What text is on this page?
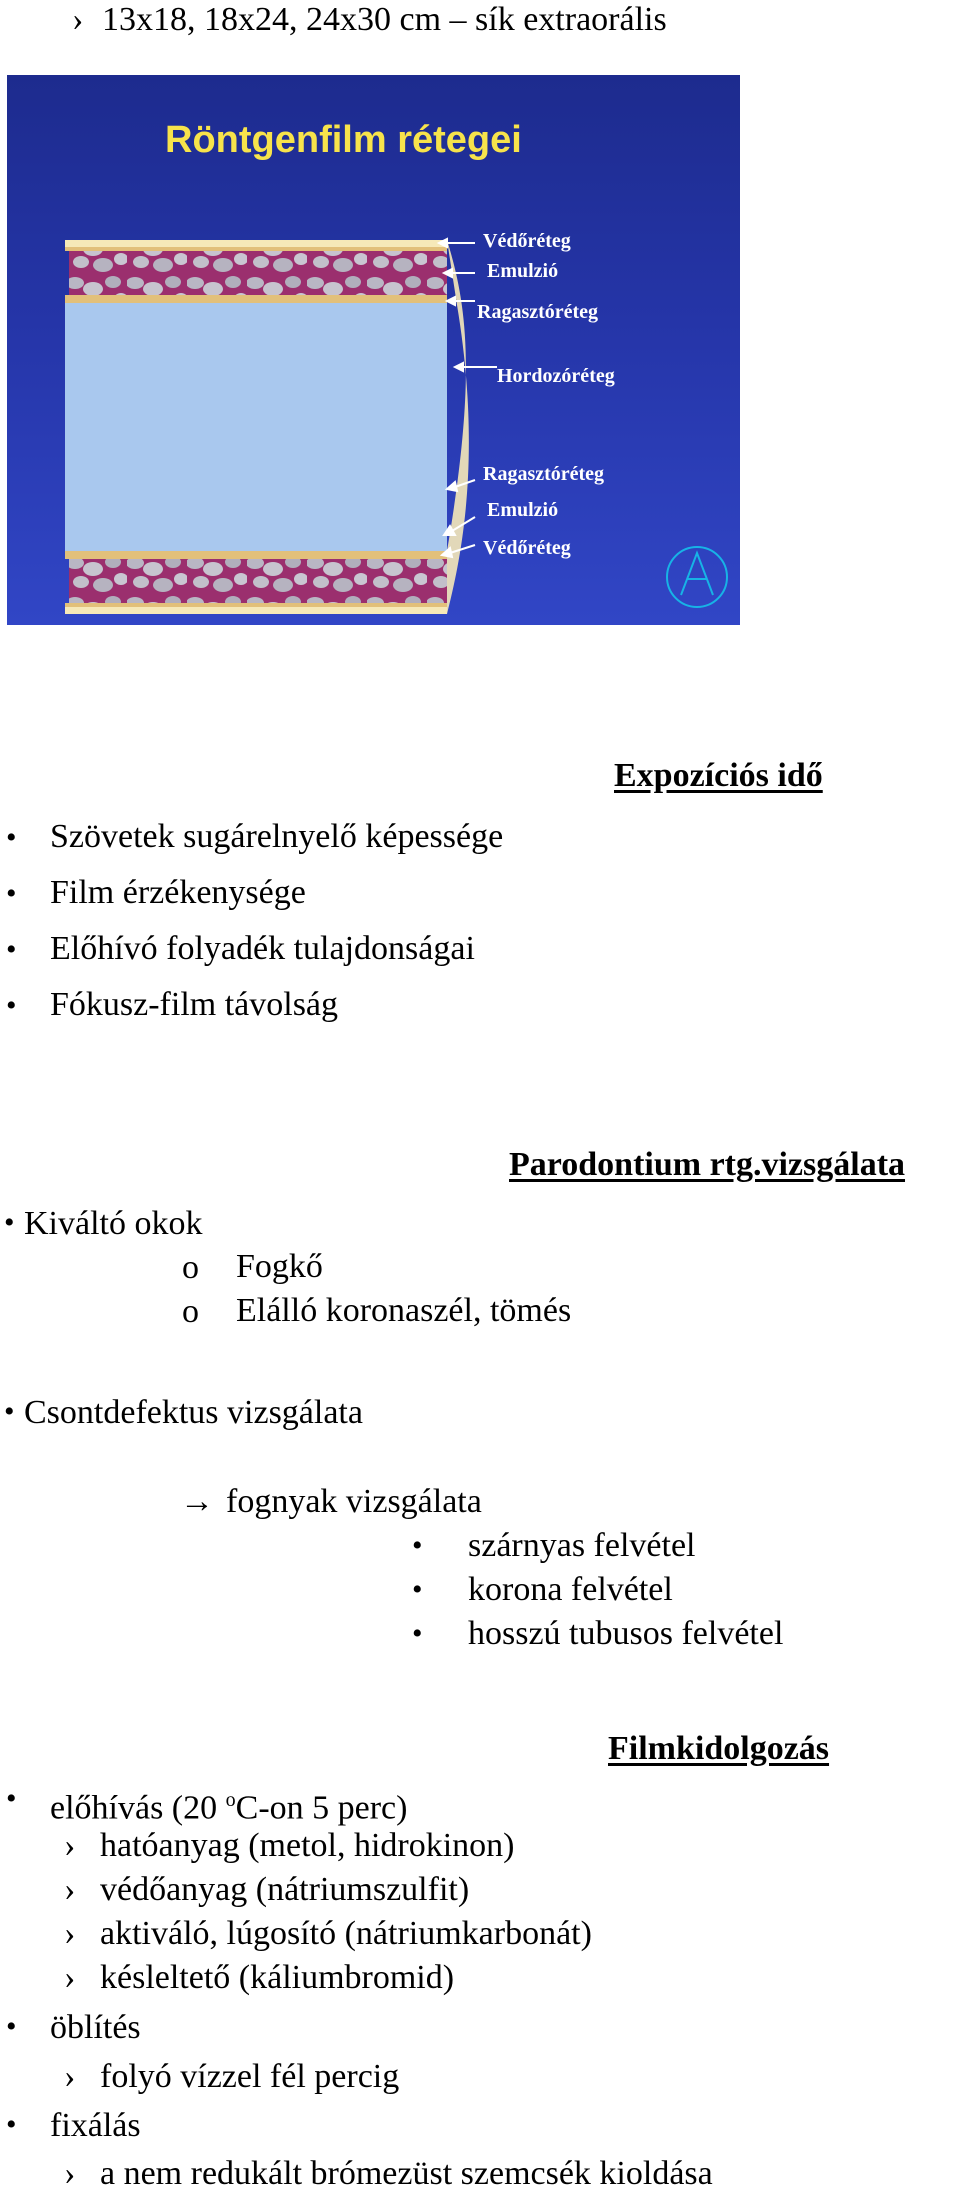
› 13x18, 18x24, 24x30 cm – sík extraorális
Röntgenfilm rétegei
Védőréteg
Emulzió
Ragasztóréteg
Hordozóréteg
Ragasztóréteg
Emulzió
Védőréteg
Expozíciós idő
• Szövetek sugárelnyelő képessége
• Film érzékenysége
• Előhívó folyadék tulajdonságai
• Fókusz-film távolság
Parodontium rtg.vizsgálata
• Kiváltó okok
o Fogkő
o Elálló koronaszél, tömés
• Csontdefektus vizsgálata
→ fognyak vizsgálata
• szárnyas felvétel
• korona felvétel
• hosszú tubusos felvétel
Filmkidolgozás
• előhívás (20 $^o$C-on 5 perc)
› hatóanyag (metol, hidrokinon)
› védőanyag (nátriumszulfit)
› aktiváló, lúgosító (nátriumkarbonát)
› késleltető (káliumbromid)
• öblítés
› folyó vízzel fél percig
• fixálás
› a nem redukált brómezüst szemcsék kioldása
